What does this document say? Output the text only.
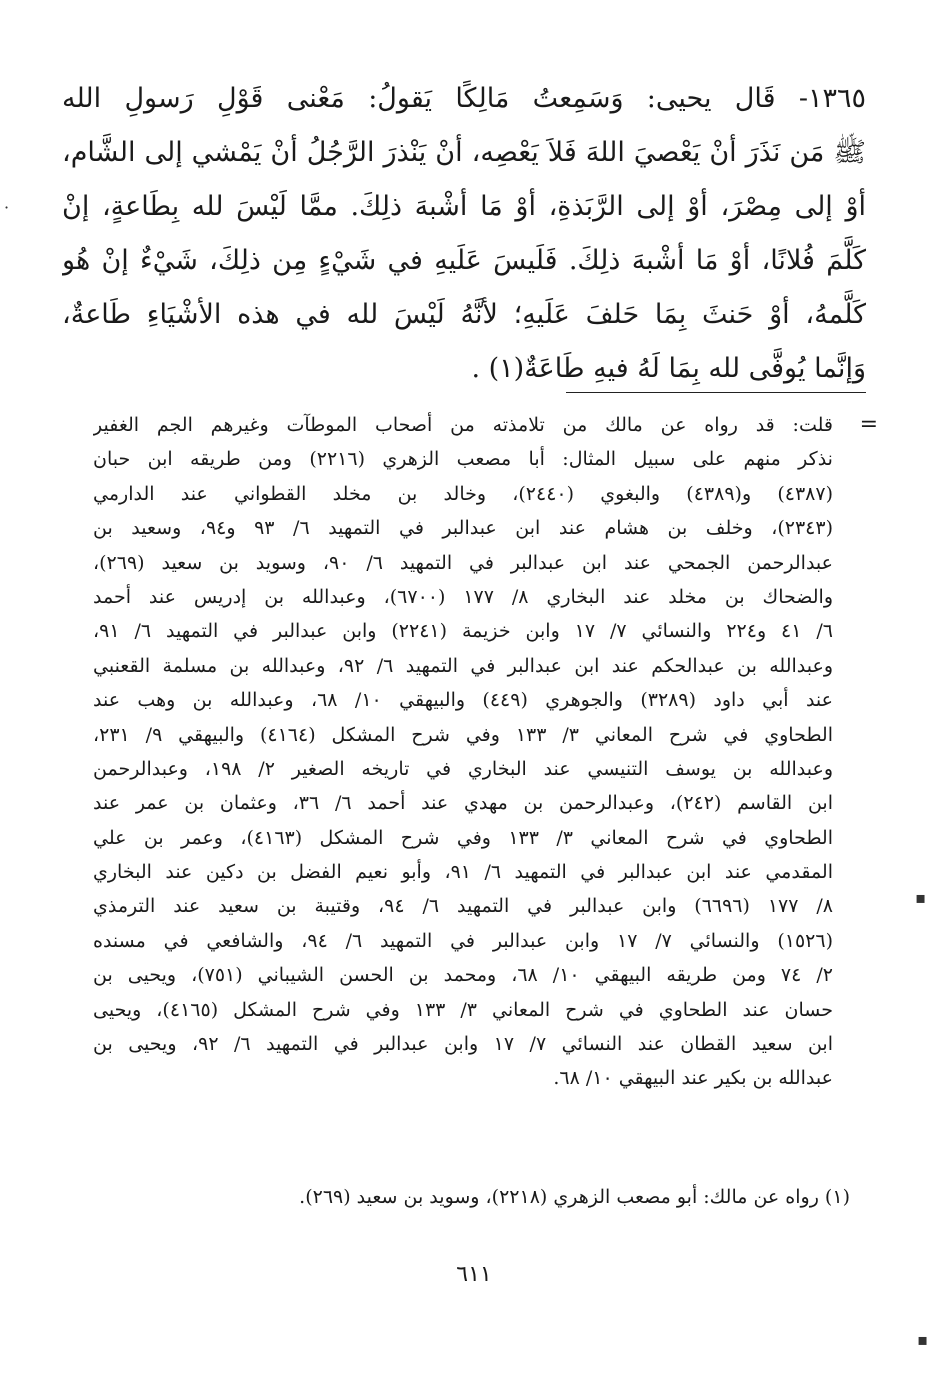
١٣٦٥- قَال يحيى: وَسَمِعتُ مَالِكًا يَقولُ: مَعْنى قَوْلِ رَسولِ الله
ﷺ مَن نَذَرَ أنْ يَعْصيَ اللهَ فَلاَ يَعْصِه، أنْ يَنْذرَ الرَّجُلُ أنْ يَمْشي إلى الشَّام،
أوْ إلى مِصْرَ، أوْ إلى الرَّبَذةِ، أوْ مَا أشْبهَ ذلِكَ. ممَّا لَيْسَ لله بِطَاعةٍ، إنْ
كَلَّمَ فُلانًا، أوْ مَا أشْبهَ ذلِكَ. فَلَيسَ عَلَيهِ في شَيْءٍ مِن ذلِكَ، شَيْءٌ إنْ هُو
كَلَّمهُ، أوْ حَنثَ بِمَا حَلفَ عَلَيهِ؛ لأنَّهُ لَيْسَ لله في هذه الأشْيَاءِ طَاعةٌ،
وَإنَّما يُوفَّى لله بِمَا لَهُ فيهِ طَاعَةٌ(١) .
=
قلت: قد رواه عن مالك من تلامذته من أصحاب الموطآت وغيرهم الجم الغفير
نذكر منهم على سبيل المثال: أبا مصعب الزهري (٢٢١٦) ومن طريقه ابن حبان
(٤٣٨٧) و(٤٣٨٩) والبغوي (٢٤٤٠)، وخالد بن مخلد القطواني عند الدارمي
(٢٣٤٣)، وخلف بن هشام عند ابن عبدالبر في التمهيد ٦/ ٩٣ و٩٤، وسعيد بن
عبدالرحمن الجمحي عند ابن عبدالبر في التمهيد ٦/ ٩٠، وسويد بن سعيد (٢٦٩)،
والضحاك بن مخلد عند البخاري ٨/ ١٧٧ (٦٧٠٠)، وعبدالله بن إدريس عند أحمد
٦/ ٤١ و٢٢٤ والنسائي ٧/ ١٧ وابن خزيمة (٢٢٤١) وابن عبدالبر في التمهيد ٦/ ٩١،
وعبدالله بن عبدالحكم عند ابن عبدالبر في التمهيد ٦/ ٩٢، وعبدالله بن مسلمة القعنبي
عند أبي داود (٣٢٨٩) والجوهري (٤٤٩) والبيهقي ١٠/ ٦٨، وعبدالله بن وهب عند
الطحاوي في شرح المعاني ٣/ ١٣٣ وفي شرح المشكل (٤١٦٤) والبيهقي ٩/ ٢٣١،
وعبدالله بن يوسف التنيسي عند البخاري في تاريخه الصغير ٢/ ١٩٨، وعبدالرحمن
ابن القاسم (٢٤٢)، وعبدالرحمن بن مهدي عند أحمد ٦/ ٣٦، وعثمان بن عمر عند
الطحاوي في شرح المعاني ٣/ ١٣٣ وفي شرح المشكل (٤١٦٣)، وعمر بن علي
المقدمي عند ابن عبدالبر في التمهيد ٦/ ٩١، وأبو نعيم الفضل بن دكين عند البخاري
٨/ ١٧٧ (٦٦٩٦) وابن عبدالبر في التمهيد ٦/ ٩٤، وقتيبة بن سعيد عند الترمذي
(١٥٢٦) والنسائي ٧/ ١٧ وابن عبدالبر في التمهيد ٦/ ٩٤، والشافعي في مسنده
٢/ ٧٤ ومن طريقه البيهقي ١٠/ ٦٨، ومحمد بن الحسن الشيباني (٧٥١)، ويحيى بن
حسان عند الطحاوي في شرح المعاني ٣/ ١٣٣ وفي شرح المشكل (٤١٦٥)، ويحيى
ابن سعيد القطان عند النسائي ٧/ ١٧ وابن عبدالبر في التمهيد ٦/ ٩٢، ويحيى بن
عبدالله بن بكير عند البيهقي ١٠/ ٦٨.
(١) رواه عن مالك: أبو مصعب الزهري (٢٢١٨)، وسويد بن سعيد (٢٦٩).
٦١١
·
▪
▪
